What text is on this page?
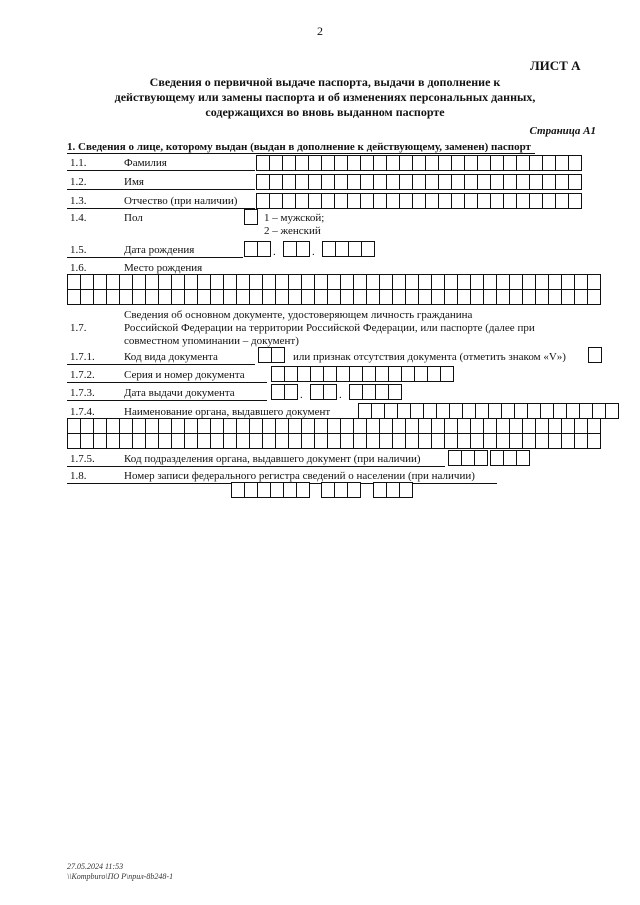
2
ЛИСТ А
Сведения о первичной выдаче паспорта, выдачи в дополнение к
действующему или замены паспорта и об изменениях персональных данных,
содержащихся во вновь выданном паспорте
Страница А1
1. Сведения о лице, которому выдан (выдан в дополнение к действующему, заменен) паспорт
1.1.	Фамилия
1.2.	Имя
1.3.	Отчество (при наличии)
1.4.	Пол	1 – мужской;
2 – женский
1.5.	Дата рождения	.	.
1.6.	Место рождения
Сведения об основном документе, удостоверяющем личность гражданина
1.7.	Российской Федерации на территории Российской Федерации, или паспорте (далее при
совместном упоминании – документ)
1.7.1.	Код вида документа	или признак отсутствия документа (отметить знаком «V»)
1.7.2.	Серия и номер документа
1.7.3.	Дата выдачи документа	.	.
1.7.4.	Наименование органа, выдавшего документ
1.7.5.	Код подразделения органа, выдавшего документ (при наличии)
1.8.	Номер записи федерального регистра сведений о населении (при наличии)
27.05.2024 11:53
\\Kompburo\ПО Р\прил-8b248-1
